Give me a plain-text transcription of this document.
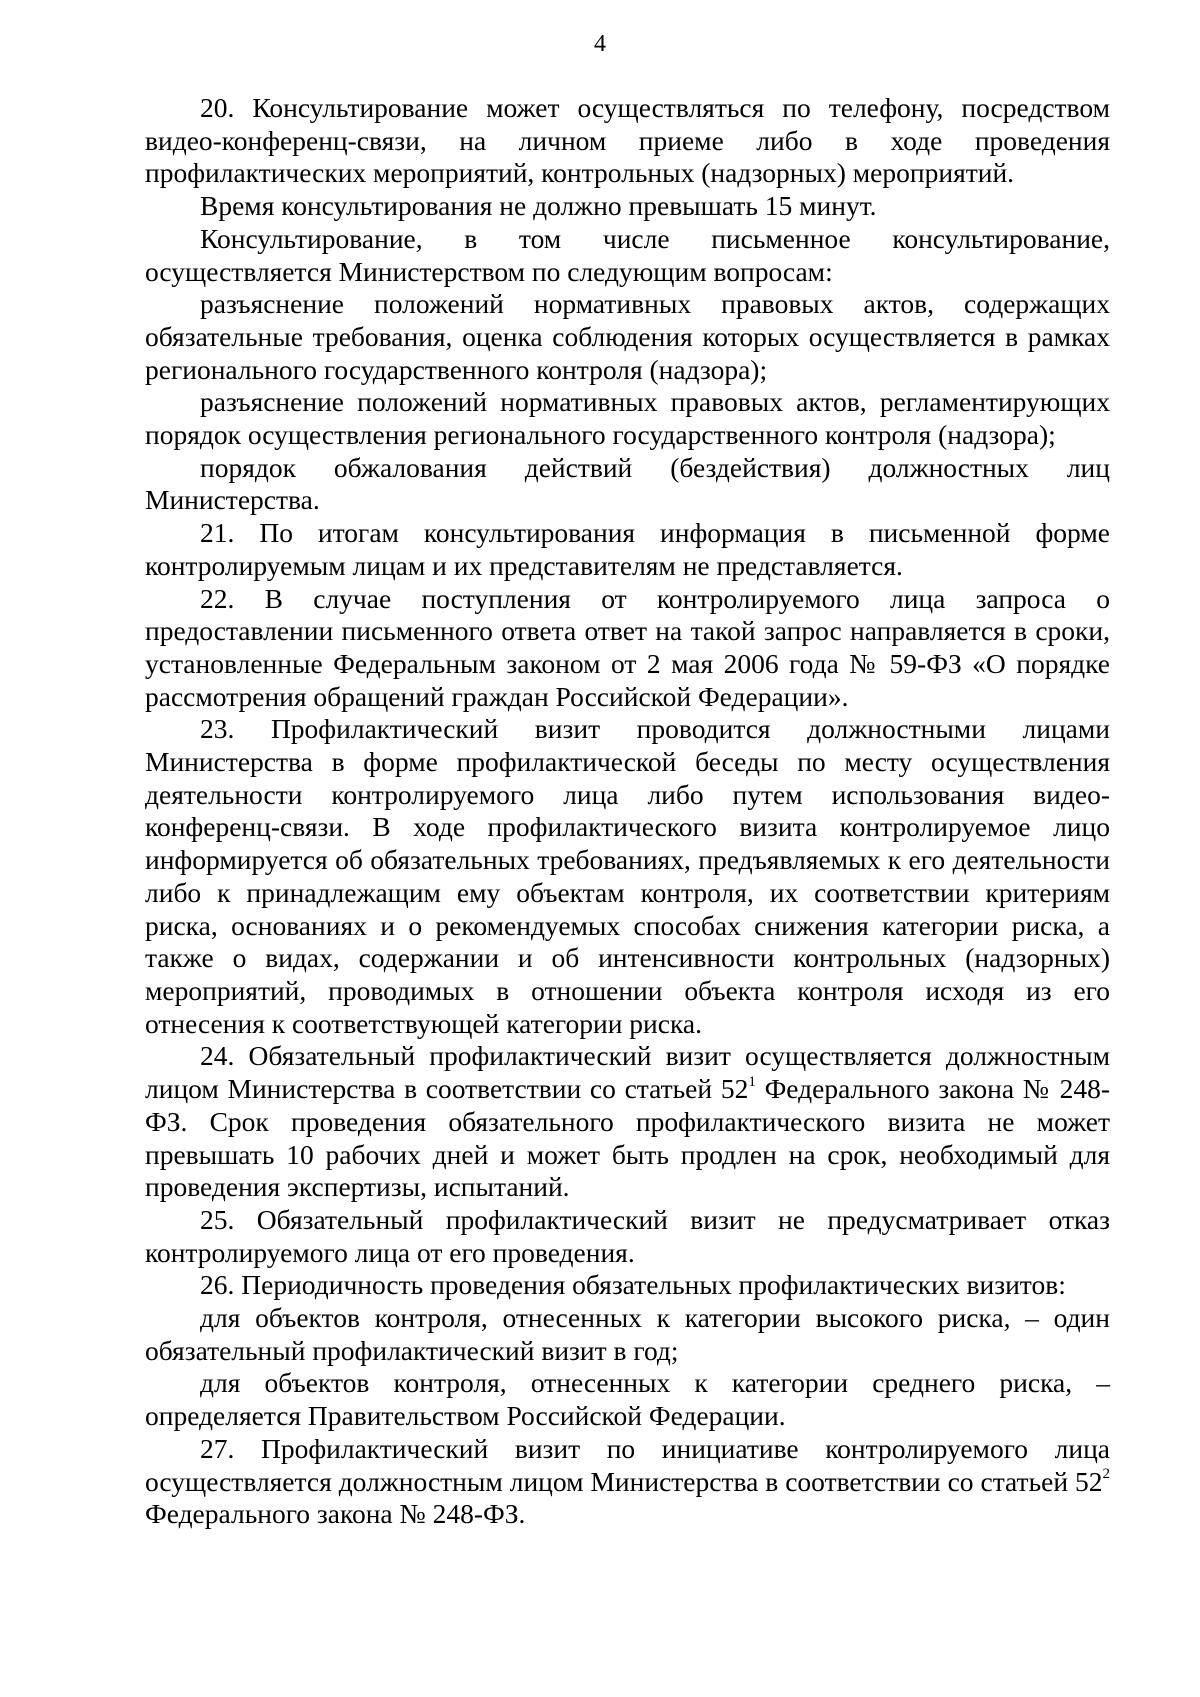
4

20. Консультирование может осуществляться по телефону, посредством видео-конференц-связи, на личном приеме либо в ходе проведения профилактических мероприятий, контрольных (надзорных) мероприятий.

Время консультирования не должно превышать 15 минут.

Консультирование, в том числе письменное консультирование, осуществляется Министерством по следующим вопросам:

разъяснение положений нормативных правовых актов, содержащих обязательные требования, оценка соблюдения которых осуществляется в рамках регионального государственного контроля (надзора);

разъяснение положений нормативных правовых актов, регламентирующих порядок осуществления регионального государственного контроля (надзора);

порядок обжалования действий (бездействия) должностных лиц Министерства.

21. По итогам консультирования информация в письменной форме контролируемым лицам и их представителям не представляется.

22. В случае поступления от контролируемого лица запроса о предоставлении письменного ответа ответ на такой запрос направляется в сроки, установленные Федеральным законом от 2 мая 2006 года № 59-ФЗ «О порядке рассмотрения обращений граждан Российской Федерации».

23. Профилактический визит проводится должностными лицами Министерства в форме профилактической беседы по месту осуществления деятельности контролируемого лица либо путем использования видео-конференц-связи. В ходе профилактического визита контролируемое лицо информируется об обязательных требованиях, предъявляемых к его деятельности либо к принадлежащим ему объектам контроля, их соответствии критериям риска, основаниях и о рекомендуемых способах снижения категории риска, а также о видах, содержании и об интенсивности контрольных (надзорных) мероприятий, проводимых в отношении объекта контроля исходя из его отнесения к соответствующей категории риска.

24. Обязательный профилактический визит осуществляется должностным лицом Министерства в соответствии со статьей $52^1$ Федерального закона № 248-ФЗ. Срок проведения обязательного профилактического визита не может превышать 10 рабочих дней и может быть продлен на срок, необходимый для проведения экспертизы, испытаний.

25. Обязательный профилактический визит не предусматривает отказ контролируемого лица от его проведения.

26. Периодичность проведения обязательных профилактических визитов:

для объектов контроля, отнесенных к категории высокого риска, – один обязательный профилактический визит в год;

для объектов контроля, отнесенных к категории среднего риска, – определяется Правительством Российской Федерации.

27. Профилактический визит по инициативе контролируемого лица осуществляется должностным лицом Министерства в соответствии со статьей $52^2$ Федерального закона № 248-ФЗ.
